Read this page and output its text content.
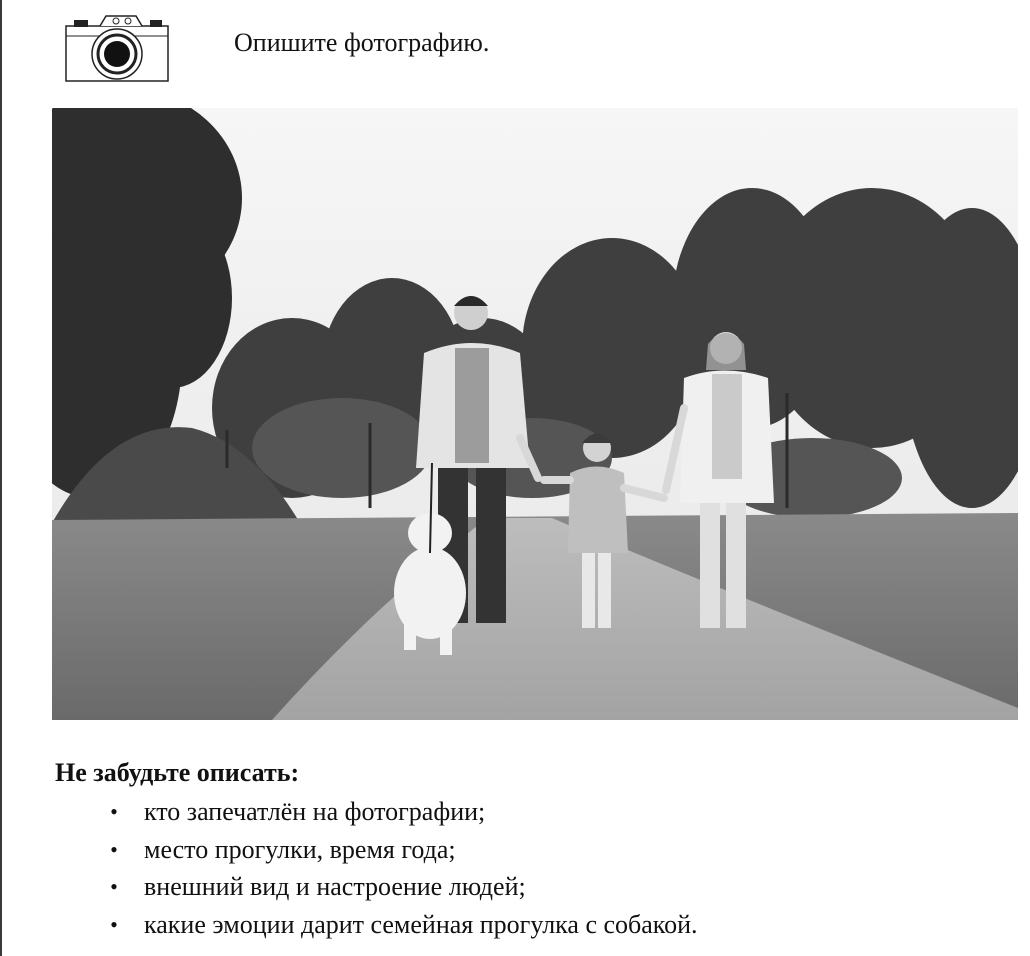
Опишите фотографию.
Не забудьте описать:
• кто запечатлён на фотографии;
• место прогулки, время года;
• внешний вид и настроение людей;
• какие эмоции дарит семейная прогулка с собакой.
